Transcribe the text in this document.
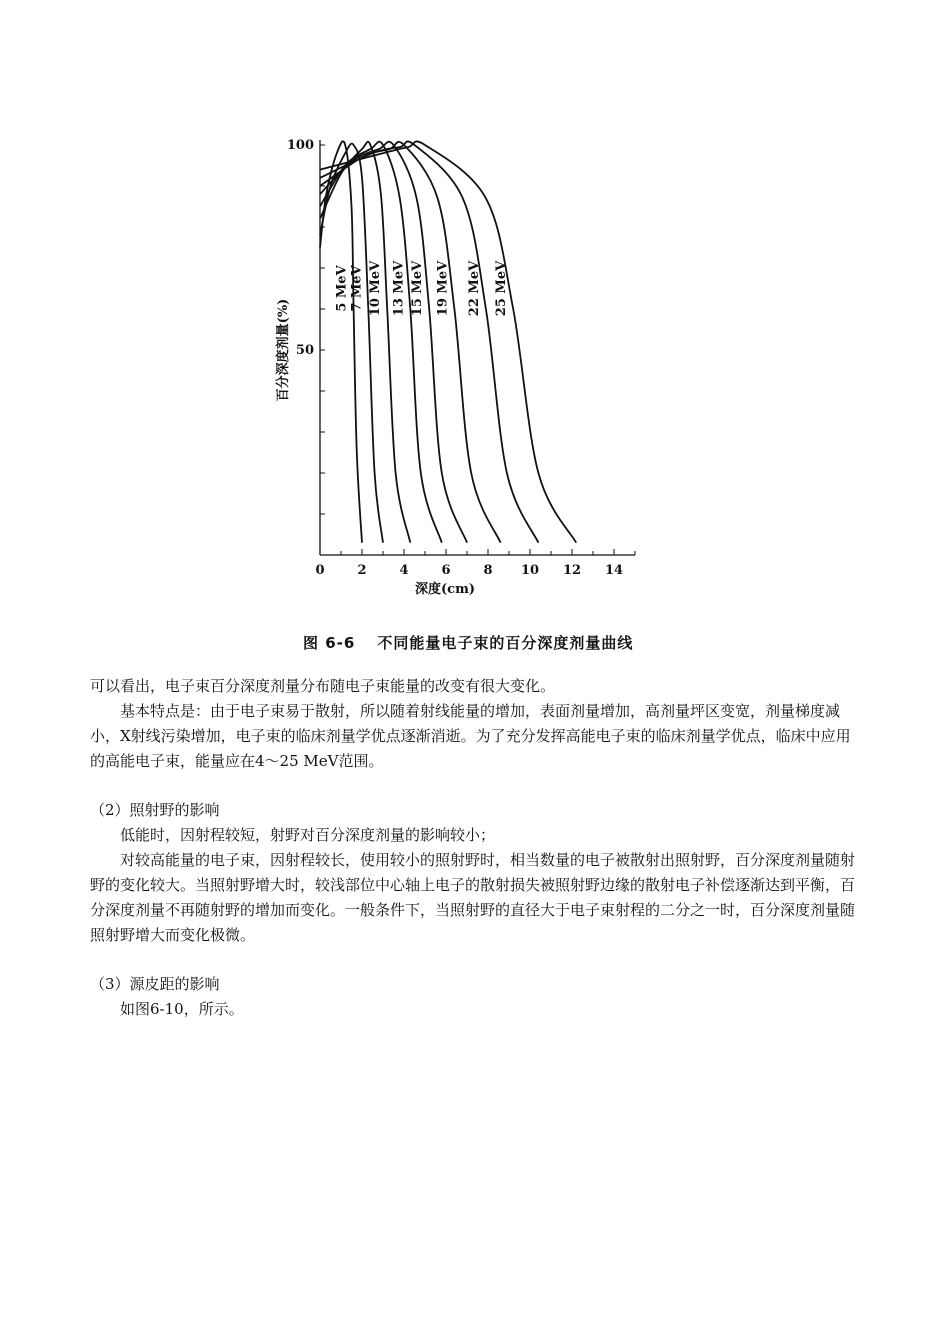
0	2	4	6	8 10 12 14
50
100
5 MeV 7 MeV 10 MeV 13 MeV 15 MeV 19 MeV 22 MeV 25 MeV
深度(cm)
百分深度剂量(%)
图 6-6 不同能量电子束的百分深度剂量曲线

可以看出，电子束百分深度剂量分布随电子束能量的改变有很大变化。

基本特点是：由于电子束易于散射，所以随着射线能量的增加，表面剂量增加，高剂量坪区变宽，剂量梯度减小，X射线污染增加，电子束的临床剂量学优点逐渐消逝。为了充分发挥高能电子束的临床剂量学优点，临床中应用的高能电子束，能量应在4～25 MeV范围。

（2）照射野的影响

低能时，因射程较短，射野对百分深度剂量的影响较小；

对较高能量的电子束，因射程较长，使用较小的照射野时，相当数量的电子被散射出照射野，百分深度剂量随射野的变化较大。当照射野增大时，较浅部位中心轴上电子的散射损失被照射野边缘的散射电子补偿逐渐达到平衡，百分深度剂量不再随射野的增加而变化。一般条件下，当照射野的直径大于电子束射程的二分之一时，百分深度剂量随照射野增大而变化极微。

（3）源皮距的影响

如图6-10，所示。
